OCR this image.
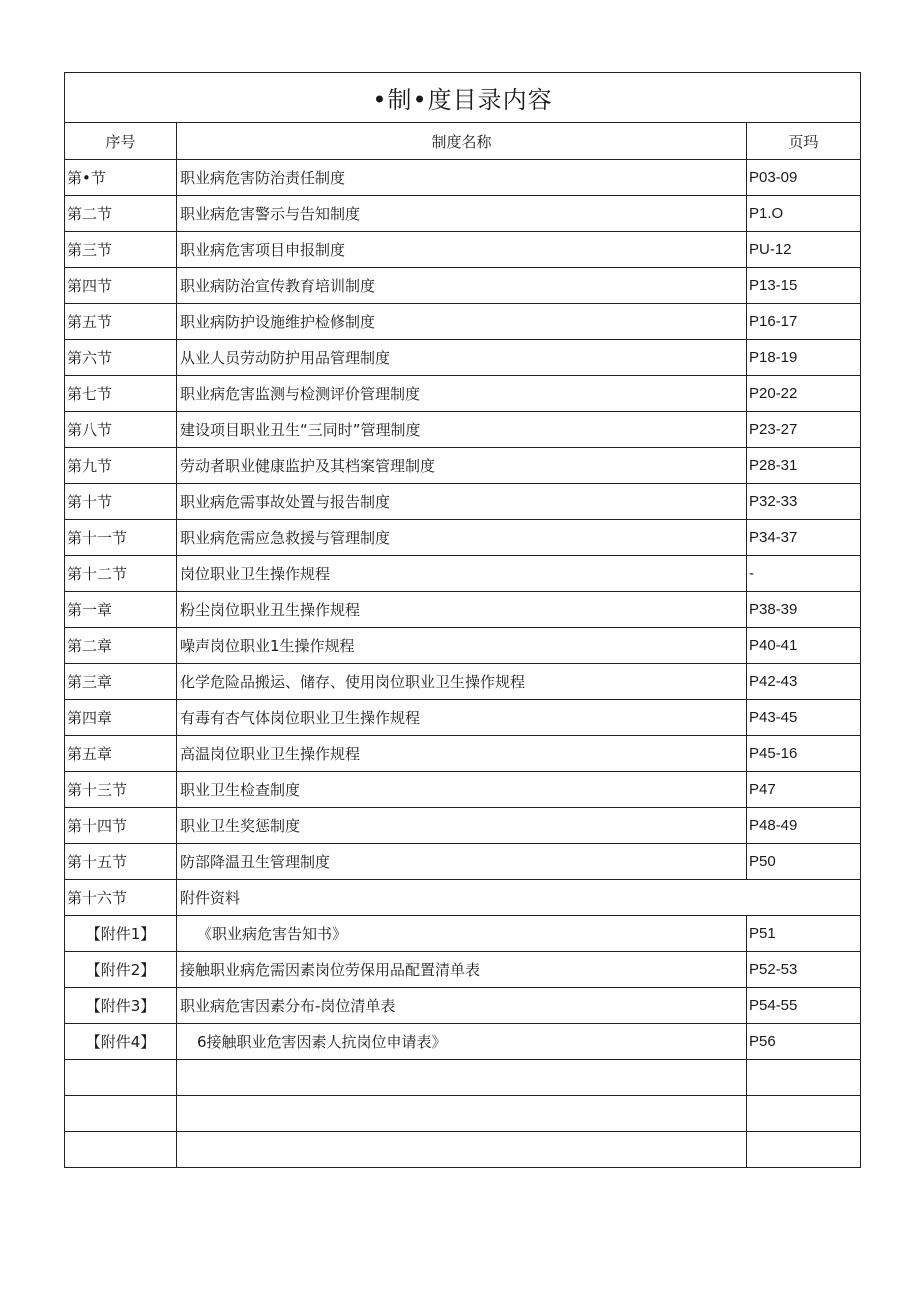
•制•度目录内容		
序号	制度名称	页玛
第•节	职业病危害防治责任制度	P03-09
第二节	职业病危害警示与告知制度	P1.O
第三节	职业病危害项目申报制度	PU-12
第四节	职业病防治宣传教育培训制度	P13-15
第五节	职业病防护设施维护检修制度	P16-17
第六节	从业人员劳动防护用品管理制度	P18-19
第七节	职业病危害监测与检测评价管理制度	P20-22
第八节	建设项目职业丑生“三同时”管理制度	P23-27
第九节	劳动者职业健康监护及其档案管理制度	P28-31
第十节	职业病危需事故处置与报告制度	P32-33
第十一节	职业病危需应急救援与管理制度	P34-37
第十二节	岗位职业卫生操作规程	-
第一章	粉尘岗位职业丑生操作规程	P38-39
第二章	噪声岗位职业1生操作规程	P40-41
第三章	化学危险品搬运、储存、使用岗位职业卫生操作规程	P42-43
第四章	有毒有杏气体岗位职业卫生操作规程	P43-45
第五章	高温岗位职业卫生操作规程	P45-16
第十三节	职业卫生检查制度	P47
第十四节	职业卫生奖惩制度	P48-49
第十五节	防部降温丑生管理制度	P50
第十六节	附件资料	
【附件1】	《职业病危害告知书》	P51
【附件2】	接触职业病危需因素岗位劳保用品配置清单表	P52-53
【附件3】	职业病危害因素分布-岗位清单表	P54-55
【附件4】	6接触职业危害因素人抗岗位申请表》	P56
